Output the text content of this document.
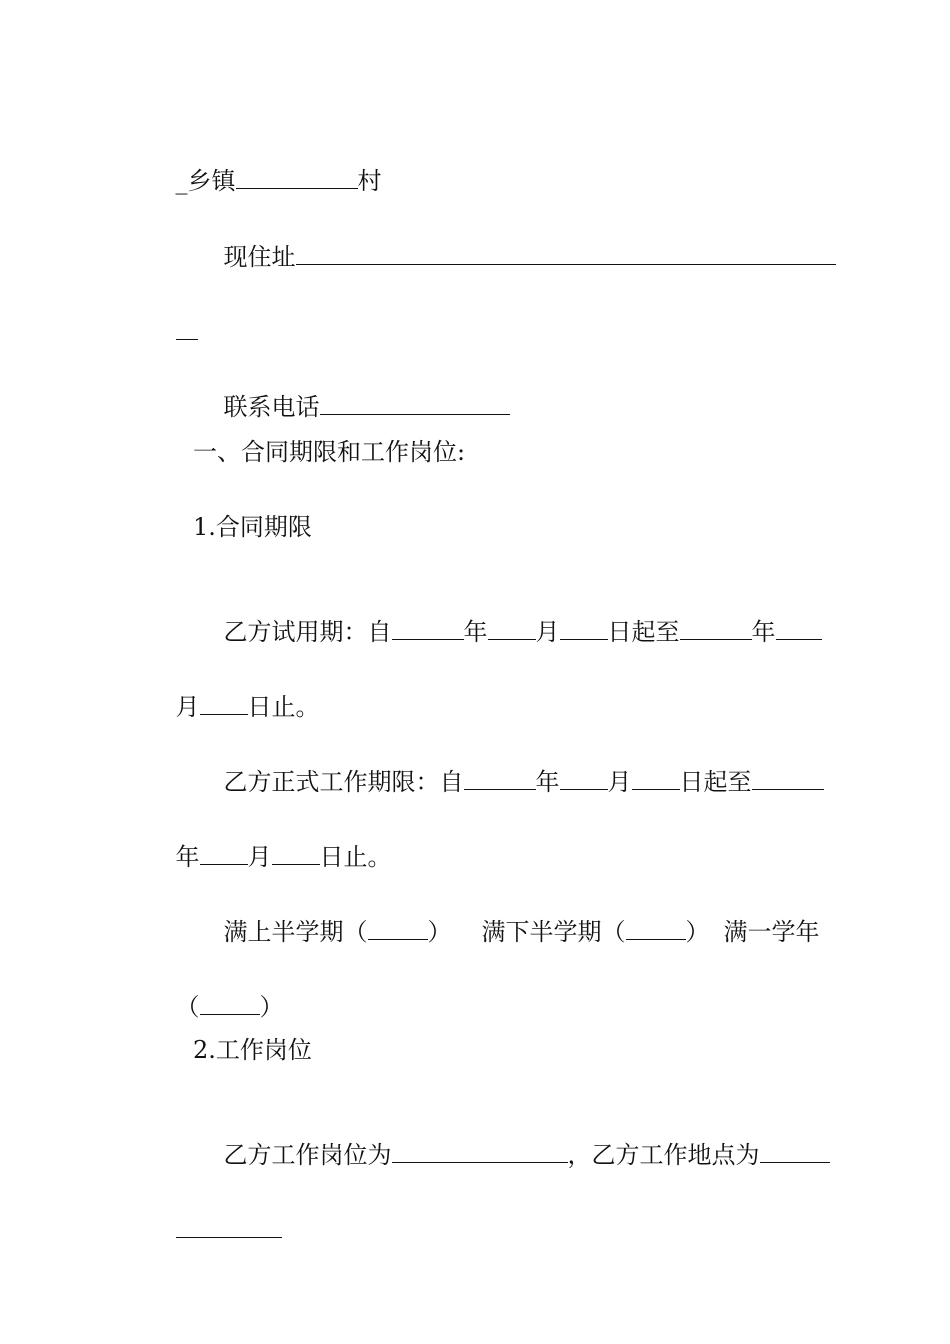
_乡镇	村

现住址

联系电话

一、合同期限和工作岗位:
1.合同期限

乙方试用期：自	年 月 日起至	年

月 日止。

乙方正式工作期限：自	年 月 日起至

年 月 日止。

满上半学期（	） 满下半学期（	） 满一学年

（	）

2.工作岗位

乙方工作岗位为	，乙方工作地点为
